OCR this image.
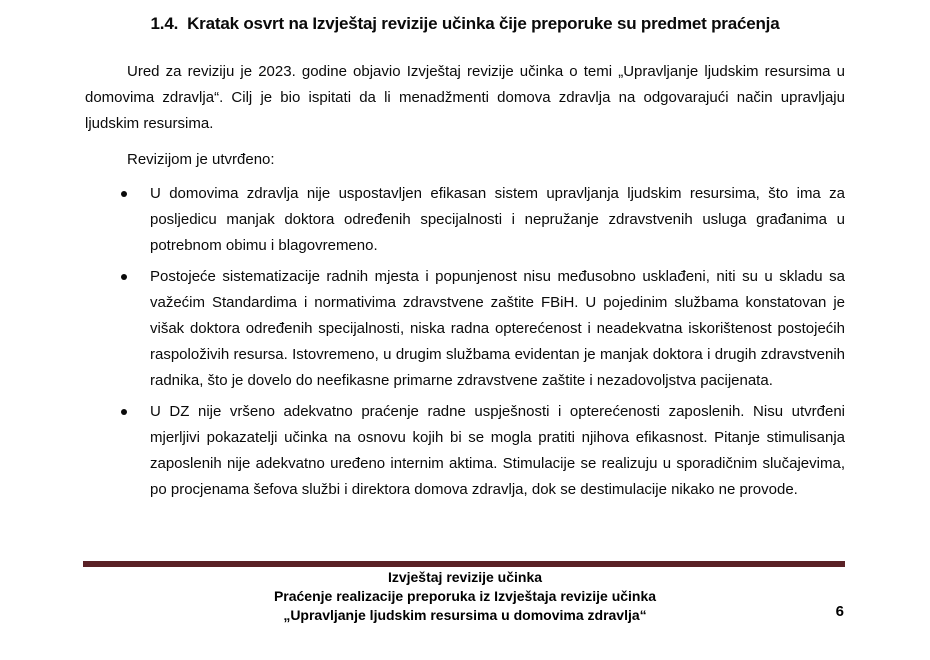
1.4. Kratak osvrt na Izvještaj revizije učinka čije preporuke su predmet praćenja

Ured za reviziju je 2023. godine objavio Izvještaj revizije učinka o temi „Upravljanje ljudskim resursima u domovima zdravlja“. Cilj je bio ispitati da li menadžmenti domova zdravlja na odgovarajući način upravljaju ljudskim resursima.

Revizijom je utvrđeno:

U domovima zdravlja nije uspostavljen efikasan sistem upravljanja ljudskim resursima, što ima za posljedicu manjak doktora određenih specijalnosti i nepružanje zdravstvenih usluga građanima u potrebnom obimu i blagovremeno.
Postojeće sistematizacije radnih mjesta i popunjenost nisu međusobno usklađeni, niti su u skladu sa važećim Standardima i normativima zdravstvene zaštite FBiH. U pojedinim službama konstatovan je višak doktora određenih specijalnosti, niska radna opterećenost i neadekvatna iskorištenost postojećih raspoloživih resursa. Istovremeno, u drugim službama evidentan je manjak doktora i drugih zdravstvenih radnika, što je dovelo do neefikasne primarne zdravstvene zaštite i nezadovoljstva pacijenata.
U DZ nije vršeno adekvatno praćenje radne uspješnosti i opterećenosti zaposlenih. Nisu utvrđeni mjerljivi pokazatelji učinka na osnovu kojih bi se mogla pratiti njihova efikasnost. Pitanje stimulisanja zaposlenih nije adekvatno uređeno internim aktima. Stimulacije se realizuju u sporadičnim slučajevima, po procjenama šefova službi i direktora domova zdravlja, dok se destimulacije nikako ne provode.
Izvještaj revizije učinka
Praćenje realizacije preporuka iz Izvještaja revizije učinka
„Upravljanje ljudskim resursima u domovima zdravlja“	6
